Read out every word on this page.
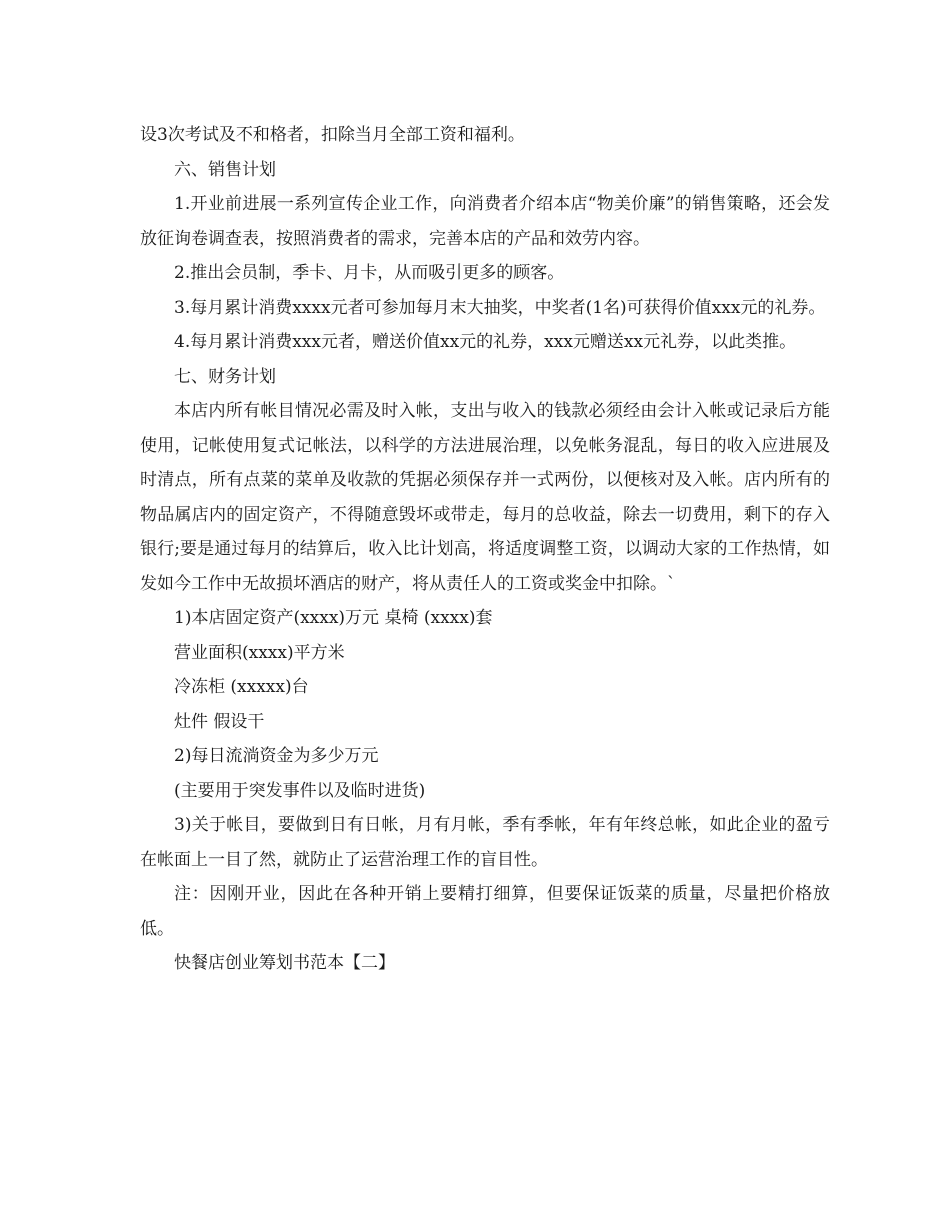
设3次考试及不和格者，扣除当月全部工资和福利。

六、销售计划

1.开业前进展一系列宣传企业工作，向消费者介绍本店“物美价廉”的销售策略，还会发放征询卷调查表，按照消费者的需求，完善本店的产品和效劳内容。

2.推出会员制，季卡、月卡，从而吸引更多的顾客。

3.每月累计消费xxxx元者可参加每月末大抽奖，中奖者(1名)可获得价值xxx元的礼券。

4.每月累计消费xxx元者，赠送价值xx元的礼券，xxx元赠送xx元礼券，以此类推。

七、财务计划

本店内所有帐目情况必需及时入帐，支出与收入的钱款必须经由会计入帐或记录后方能使用，记帐使用复式记帐法，以科学的方法进展治理，以免帐务混乱，每日的收入应进展及时清点，所有点菜的菜单及收款的凭据必须保存并一式两份，以便核对及入帐。店内所有的物品属店内的固定资产，不得随意毁坏或带走，每月的总收益，除去一切费用，剩下的存入银行;要是通过每月的结算后，收入比计划高，将适度调整工资，以调动大家的工作热情，如发如今工作中无故损坏酒店的财产，将从责任人的工资或奖金中扣除。`

1)本店固定资产(xxxx)万元 桌椅 (xxxx)套

营业面积(xxxx)平方米

冷冻柜 (xxxxx)台

灶件 假设干

2)每日流淌资金为多少万元

(主要用于突发事件以及临时进货)

3)关于帐目，要做到日有日帐，月有月帐，季有季帐，年有年终总帐，如此企业的盈亏在帐面上一目了然，就防止了运营治理工作的盲目性。

注：因刚开业，因此在各种开销上要精打细算，但要保证饭菜的质量，尽量把价格放低。

快餐店创业筹划书范本【二】
